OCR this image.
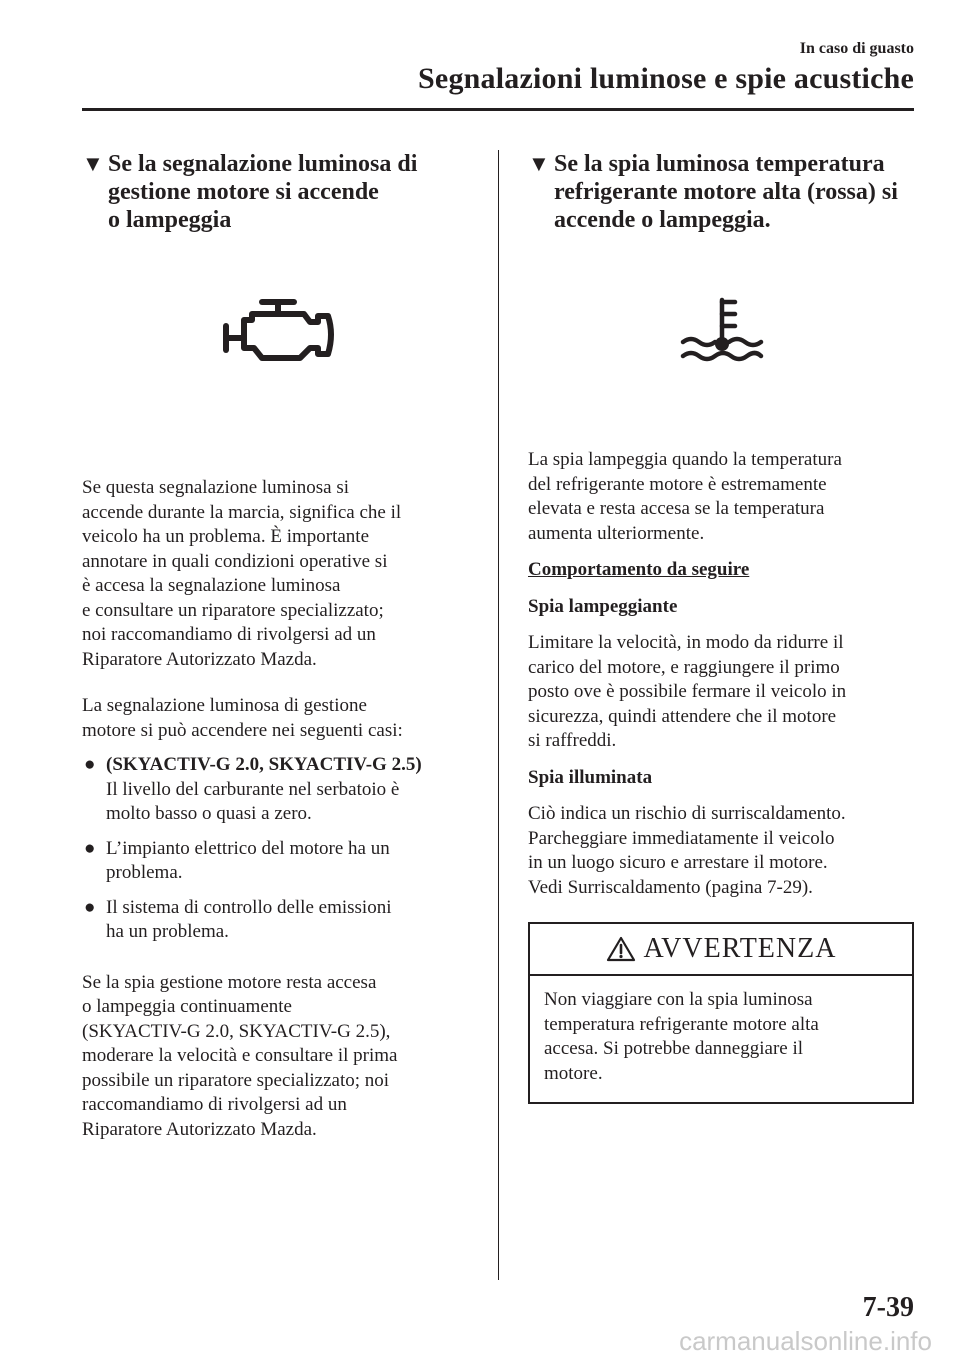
In caso di guasto
Segnalazioni luminose e spie acustiche
▼ Se la segnalazione luminosa di
gestione motore si accende
o lampeggia

Se questa segnalazione luminosa si

accende durante la marcia, significa che il

veicolo ha un problema. È importante

annotare in quali condizioni operative si

è accesa la segnalazione luminosa

e consultare un riparatore specializzato;

noi raccomandiamo di rivolgersi ad un

Riparatore Autorizzato Mazda.

La segnalazione luminosa di gestione

motore si può accendere nei seguenti casi:

● (SKYACTIV-G 2.0, SKYACTIV-G 2.5)
Il livello del carburante nel serbatoio è
molto basso o quasi a zero.
● L’impianto elettrico del motore ha un
problema.
● Il sistema di controllo delle emissioni
ha un problema.

Se la spia gestione motore resta accesa

o lampeggia continuamente

(SKYACTIV-G 2.0, SKYACTIV-G 2.5),

moderare la velocità e consultare il prima

possibile un riparatore specializzato; noi

raccomandiamo di rivolgersi ad un

Riparatore Autorizzato Mazda.

▼ Se la spia luminosa temperatura
refrigerante motore alta (rossa) si
accende o lampeggia.

La spia lampeggia quando la temperatura

del refrigerante motore è estremamente

elevata e resta accesa se la temperatura

aumenta ulteriormente.

Comportamento da seguire

Spia lampeggiante

Limitare la velocità, in modo da ridurre il

carico del motore, e raggiungere il primo

posto ove è possibile fermare il veicolo in

sicurezza, quindi attendere che il motore

si raffreddi.

Spia illuminata

Ciò indica un rischio di surriscaldamento.

Parcheggiare immediatamente il veicolo

in un luogo sicuro e arrestare il motore.

Vedi Surriscaldamento (pagina 7-29).

AVVERTENZA
Non viaggiare con la spia luminosa
temperatura refrigerante motore alta
accesa. Si potrebbe danneggiare il
motore.
7-39
carmanualsonline.info
